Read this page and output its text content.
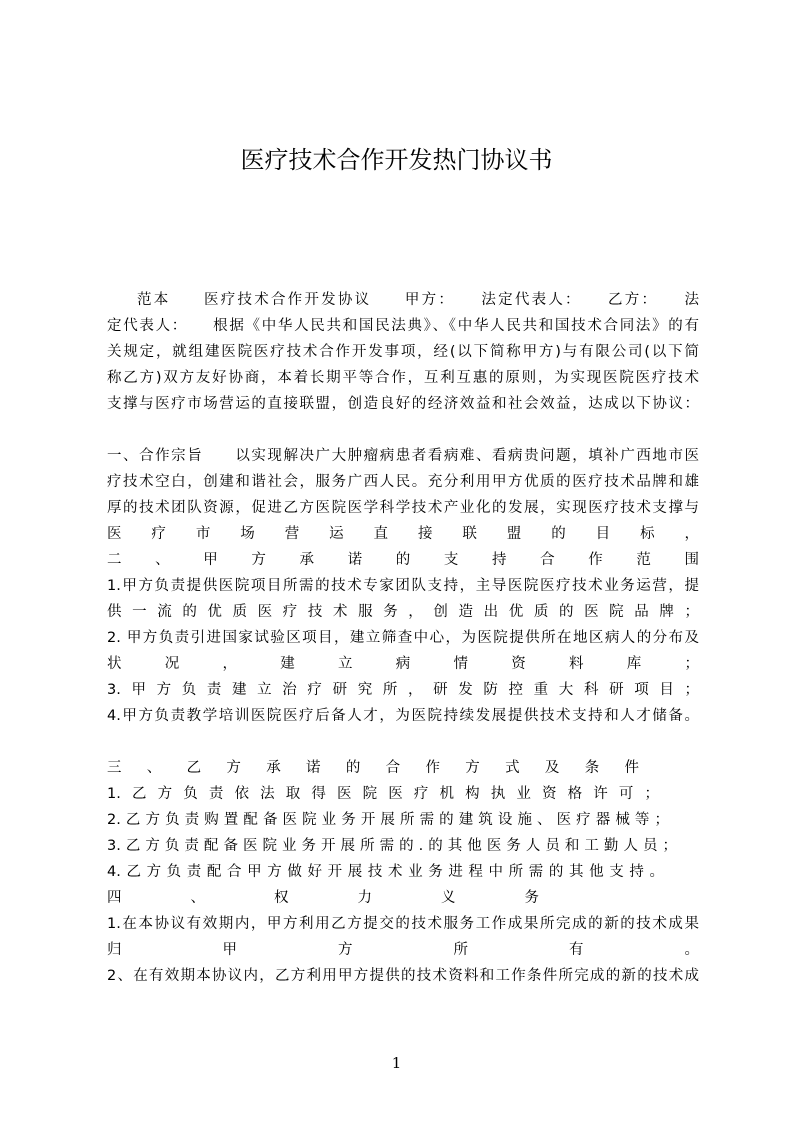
医疗技术合作开发热门协议书
范本　　医疗技术合作开发协议　　甲方：　　法定代表人：　　乙方：　　法
定代表人：　　根据《中华人民共和国民法典》、《中华人民共和国技术合同法》的有
关规定，就组建医院医疗技术合作开发事项，经(以下简称甲方)与有限公司(以下简
称乙方)双方友好协商，本着长期平等合作，互利互惠的原则，为实现医院医疗技术
支撑与医疗市场营运的直接联盟，创造良好的经济效益和社会效益，达成以下协议：
一、合作宗旨　　以实现解决广大肿瘤病患者看病难、看病贵问题，填补广西地市医
疗技术空白，创建和谐社会，服务广西人民。充分利用甲方优质的医疗技术品牌和雄
厚的技术团队资源，促进乙方医院医学科学技术产业化的发展，实现医疗技术支撑与
医疗市场营运直接联盟的目标，
二、甲方承诺的支持合作范围
1.甲方负责提供医院项目所需的技术专家团队支持，主导医院医疗技术业务运营，提
供一流的优质医疗技术服务，创造出优质的医院品牌；
2. 甲方负责引进国家试验区项目，建立筛查中心，为医院提供所在地区病人的分布及
状况，建立病情资料库；
3.甲方负责建立治疗研究所，研发防控重大科研项目；
4.甲方负责教学培训医院医疗后备人才，为医院持续发展提供技术支持和人才储备。
三、乙方承诺的合作方式及条件
1.乙方负责依法取得医院医疗机构执业资格许可；
2.乙方负责购置配备医院业务开展所需的建筑设施、医疗器械等；
3.乙方负责配备医院业务开展所需的.的其他医务人员和工勤人员；
4.乙方负责配合甲方做好开展技术业务进程中所需的其他支持。
四、权力义务
1.在本协议有效期内，甲方利用乙方提交的技术服务工作成果所完成的新的技术成果
归甲方所有。
2、在有效期本协议内，乙方利用甲方提供的技术资料和工作条件所完成的新的技术成
1
